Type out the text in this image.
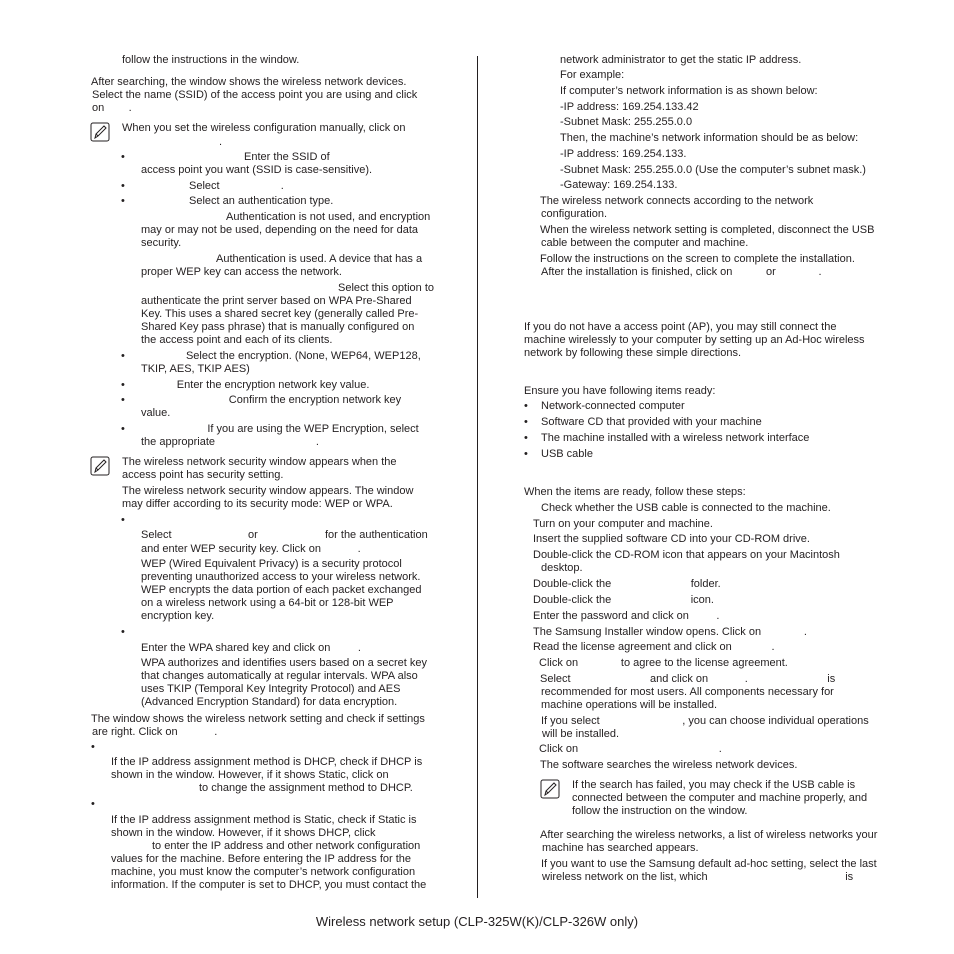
follow the instructions in the window.
After searching, the window shows the wireless network devices.
Select the name (SSID) of the access point you are using and click
on        .
When you set the wireless configuration manually, click on
.
•                                       Enter the SSID of
access point you want (SSID is case-sensitive).
•                     Select                    .
•                     Select an authentication type.
Authentication is not used, and encryption
may or may not be used, depending on the need for data
security.
Authentication is used. A device that has a
proper WEP key can access the network.
Select this option to
authenticate the print server based on WPA Pre-Shared
Key. This uses a shared secret key (generally called Pre-
Shared Key pass phrase) that is manually configured on
the access point and each of its clients.
•                    Select the encryption. (None, WEP64, WEP128,
TKIP, AES, TKIP AES)
•                 Enter the encryption network key value.
•                                  Confirm the encryption network key
value.
•                           If you are using the WEP Encryption, select
the appropriate                                 .
The wireless network security window appears when the
access point has security setting.
The wireless network security window appears. The window
may differ according to its security mode: WEP or WPA.
•
Select                         or                      for the authentication
and enter WEP security key. Click on            .
WEP (Wired Equivalent Privacy) is a security protocol
preventing unauthorized access to your wireless network.
WEP encrypts the data portion of each packet exchanged
on a wireless network using a 64-bit or 128-bit WEP
encryption key.
•
Enter the WPA shared key and click on         .
WPA authorizes and identifies users based on a secret key
that changes automatically at regular intervals. WPA also
uses TKIP (Temporal Key Integrity Protocol) and AES
(Advanced Encryption Standard) for data encryption.
The window shows the wireless network setting and check if settings
are right. Click on            .
•
If the IP address assignment method is DHCP, check if DHCP is
shown in the window. However, if it shows Static, click on
to change the assignment method to DHCP.
•
If the IP address assignment method is Static, check if Static is
shown in the window. However, if it shows DHCP, click
to enter the IP address and other network configuration
values for the machine. Before entering the IP address for the
machine, you must know the computer’s network configuration
information. If the computer is set to DHCP, you must contact the
network administrator to get the static IP address.
For example:
If computer’s network information is as shown below:
-IP address: 169.254.133.42
-Subnet Mask: 255.255.0.0
Then, the machine’s network information should be as below:
-IP address: 169.254.133.
-Subnet Mask: 255.255.0.0 (Use the computer’s subnet mask.)
-Gateway: 169.254.133.
The wireless network connects according to the network
configuration.
When the wireless network setting is completed, disconnect the USB
cable between the computer and machine.
Follow the instructions on the screen to complete the installation.
After the installation is finished, click on           or              .
If you do not have a access point (AP), you may still connect the
machine wirelessly to your computer by setting up an Ad-Hoc wireless
network by following these simple directions.
Ensure you have following items ready:
• Network-connected computer
• Software CD that provided with your machine
• The machine installed with a wireless network interface
• USB cable
When the items are ready, follow these steps:
Check whether the USB cable is connected to the machine.
Turn on your computer and machine.
Insert the supplied software CD into your CD-ROM drive.
Double-click the CD-ROM icon that appears on your Macintosh
desktop.
Double-click the                          folder.
Double-click the                          icon.
Enter the password and click on         .
The Samsung Installer window opens. Click on              .
Read the license agreement and click on             .
Click on              to agree to the license agreement.
Select                          and click on            .                          is
recommended for most users. All components necessary for
machine operations will be installed.
If you select                           , you can choose individual operations
will be installed.
Click on                                              .
The software searches the wireless network devices.
If the search has failed, you may check if the USB cable is
connected between the computer and machine properly, and
follow the instruction on the window.
After searching the wireless networks, a list of wireless networks your
machine has searched appears.
If you want to use the Samsung default ad-hoc setting, select the last
wireless network on the list, which                                             is
Wireless network setup (CLP-325W(K)/CLP-326W only)
